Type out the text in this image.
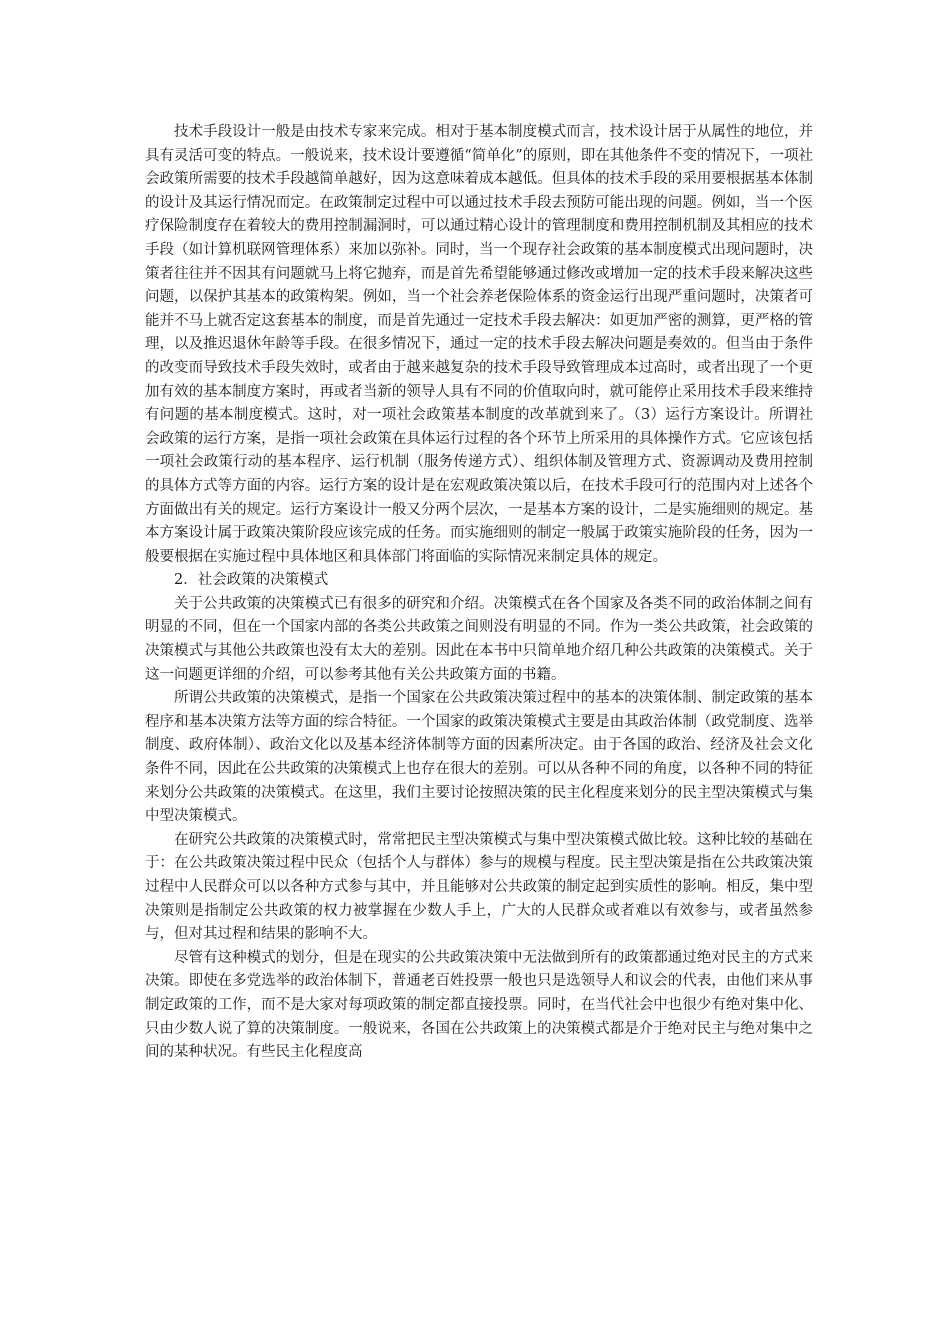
技术手段设计一般是由技术专家来完成。相对于基本制度模式而言，技术设计居于从属性的地位，并具有灵活可变的特点。一般说来，技术设计要遵循“简单化”的原则，即在其他条件不变的情况下，一项社会政策所需要的技术手段越简单越好，因为这意味着成本越低。但具体的技术手段的采用要根据基本体制的设计及其运行情况而定。在政策制定过程中可以通过技术手段去预防可能出现的问题。例如，当一个医疗保险制度存在着较大的费用控制漏洞时，可以通过精心设计的管理制度和费用控制机制及其相应的技术手段（如计算机联网管理体系）来加以弥补。同时，当一个现存社会政策的基本制度模式出现问题时，决策者往往并不因其有问题就马上将它抛弃，而是首先希望能够通过修改或增加一定的技术手段来解决这些问题，以保护其基本的政策构架。例如，当一个社会养老保险体系的资金运行出现严重问题时，决策者可能并不马上就否定这套基本的制度，而是首先通过一定技术手段去解决：如更加严密的测算，更严格的管理，以及推迟退休年龄等手段。在很多情况下，通过一定的技术手段去解决问题是奏效的。但当由于条件的改变而导致技术手段失效时，或者由于越来越复杂的技术手段导致管理成本过高时，或者出现了一个更加有效的基本制度方案时，再或者当新的领导人具有不同的价值取向时，就可能停止采用技术手段来维持有问题的基本制度模式。这时，对一项社会政策基本制度的改革就到来了。（3）运行方案设计。所谓社会政策的运行方案，是指一项社会政策在具体运行过程的各个环节上所采用的具体操作方式。它应该包括一项社会政策行动的基本程序、运行机制（服务传递方式）、组织体制及管理方式、资源调动及费用控制的具体方式等方面的内容。运行方案的设计是在宏观政策决策以后，在技术手段可行的范围内对上述各个方面做出有关的规定。运行方案设计一般又分两个层次，一是基本方案的设计，二是实施细则的规定。基本方案设计属于政策决策阶段应该完成的任务。而实施细则的制定一般属于政策实施阶段的任务，因为一般要根据在实施过程中具体地区和具体部门将面临的实际情况来制定具体的规定。

2．社会政策的决策模式

关于公共政策的决策模式已有很多的研究和介绍。决策模式在各个国家及各类不同的政治体制之间有明显的不同，但在一个国家内部的各类公共政策之间则没有明显的不同。作为一类公共政策，社会政策的决策模式与其他公共政策也没有太大的差别。因此在本书中只简单地介绍几种公共政策的决策模式。关于这一问题更详细的介绍，可以参考其他有关公共政策方面的书籍。

所谓公共政策的决策模式，是指一个国家在公共政策决策过程中的基本的决策体制、制定政策的基本程序和基本决策方法等方面的综合特征。一个国家的政策决策模式主要是由其政治体制（政党制度、选举制度、政府体制）、政治文化以及基本经济体制等方面的因素所决定。由于各国的政治、经济及社会文化条件不同，因此在公共政策的决策模式上也存在很大的差别。可以从各种不同的角度，以各种不同的特征来划分公共政策的决策模式。在这里，我们主要讨论按照决策的民主化程度来划分的民主型决策模式与集中型决策模式。

在研究公共政策的决策模式时，常常把民主型决策模式与集中型决策模式做比较。这种比较的基础在于：在公共政策决策过程中民众（包括个人与群体）参与的规模与程度。民主型决策是指在公共政策决策过程中人民群众可以以各种方式参与其中，并且能够对公共政策的制定起到实质性的影响。相反，集中型决策则是指制定公共政策的权力被掌握在少数人手上，广大的人民群众或者难以有效参与，或者虽然参与，但对其过程和结果的影响不大。

尽管有这种模式的划分，但是在现实的公共政策决策中无法做到所有的政策都通过绝对民主的方式来决策。即使在多党选举的政治体制下，普通老百姓投票一般也只是选领导人和议会的代表，由他们来从事制定政策的工作，而不是大家对每项政策的制定都直接投票。同时，在当代社会中也很少有绝对集中化、只由少数人说了算的决策制度。一般说来，各国在公共政策上的决策模式都是介于绝对民主与绝对集中之间的某种状况。有些民主化程度高
